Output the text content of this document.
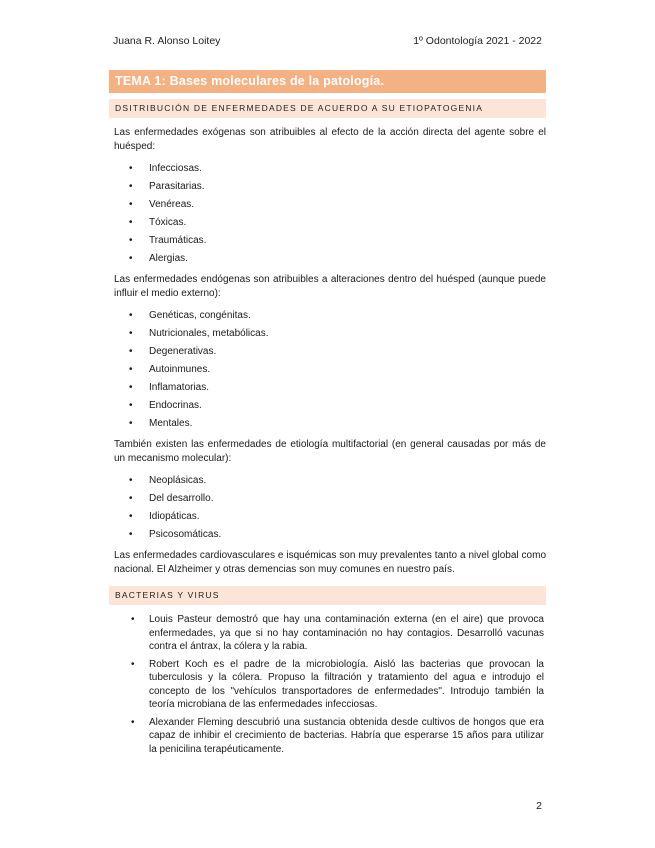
Juana R. Alonso Loitey	1º Odontología 2021 - 2022
TEMA 1: Bases moleculares de la patología.
DSITRIBUCIÓN DE ENFERMEDADES DE ACUERDO A SU ETIOPATOGENIA

Las enfermedades exógenas son atribuibles al efecto de la acción directa del agente sobre el huésped:

• Infecciosas.
• Parasitarias.
• Venéreas.
• Tóxicas.
• Traumáticas.
• Alergias.

Las enfermedades endógenas son atribuibles a alteraciones dentro del huésped (aunque puede influir el medio externo):

• Genéticas, congénitas.
• Nutricionales, metabólicas.
• Degenerativas.
• Autoinmunes.
• Inflamatorias.
• Endocrinas.
• Mentales.

También existen las enfermedades de etiología multifactorial (en general causadas por más de un mecanismo molecular):

• Neoplásicas.
• Del desarrollo.
• Idiopáticas.
• Psicosomáticas.

Las enfermedades cardiovasculares e isquémicas son muy prevalentes tanto a nivel global como nacional. El Alzheimer y otras demencias son muy comunes en nuestro país.

BACTERIAS Y VIRUS
• Louis Pasteur demostró que hay una contaminación externa (en el aire) que provoca enfermedades, ya que si no hay contaminación no hay contagios. Desarrolló vacunas contra el ántrax, la cólera y la rabia.
• Robert Koch es el padre de la microbiología. Aisló las bacterias que provocan la tuberculosis y la cólera. Propuso la filtración y tratamiento del agua e introdujo el concepto de los "vehículos transportadores de enfermedades". Introdujo también la teoría microbiana de las enfermedades infecciosas.
• Alexander Fleming descubrió una sustancia obtenida desde cultivos de hongos que era capaz de inhibir el crecimiento de bacterias. Habría que esperarse 15 años para utilizar la penicilina terapéuticamente.
2
